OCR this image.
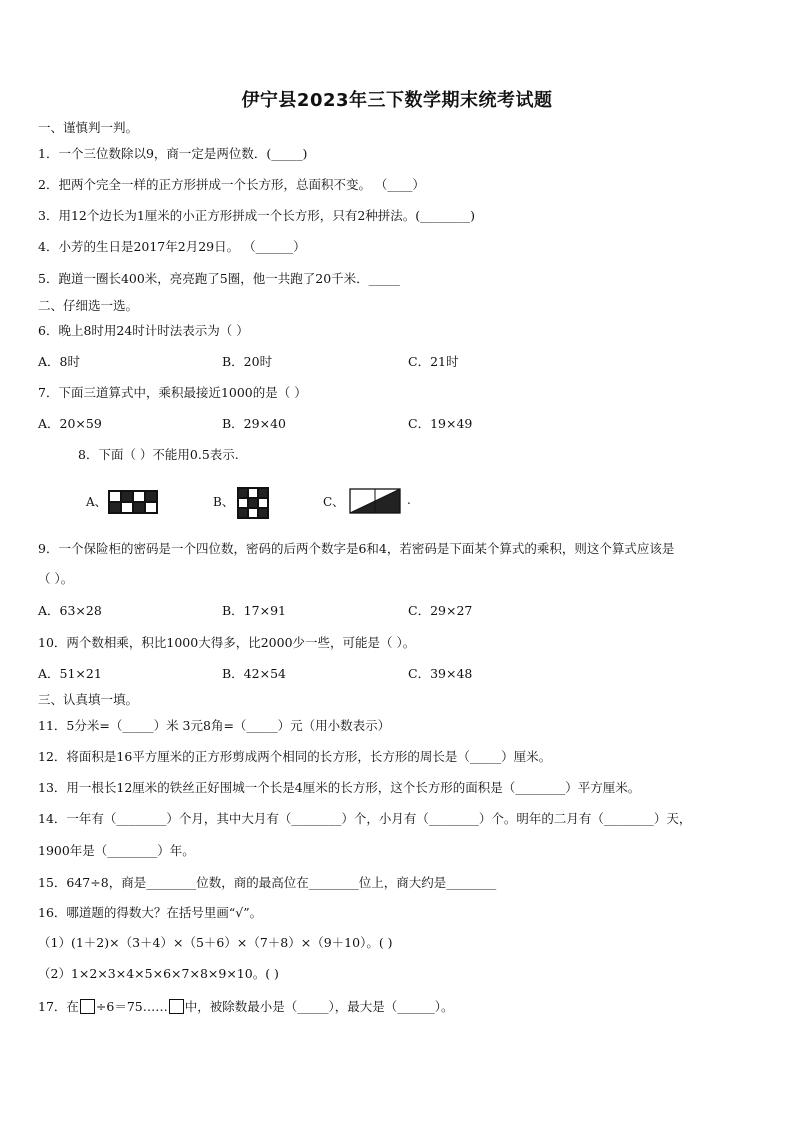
伊宁县2023年三下数学期末统考试题
一、谨慎判一判。
1．一个三位数除以9，商一定是两位数．(_____)
2．把两个完全一样的正方形拼成一个长方形，总面积不变。 （____）
3．用12个边长为1厘米的小正方形拼成一个长方形，只有2种拼法。(________)
4．小芳的生日是2017年2月29日。 （______）
5．跑道一圈长400米，亮亮跑了5圈，他一共跑了20千米．_____
二、仔细选一选。
6．晚上8时用24时计时法表示为（ ）
A．8时	B．20时	C．21时
7．下面三道算式中，乘积最接近1000的是（ ）
A．20×59	B．29×40	C．19×49
8．下面（ ）不能用0.5表示.
A、	B、	C、	.
9．一个保险柜的密码是一个四位数，密码的后两个数字是6和4，若密码是下面某个算式的乘积，则这个算式应该是
（ ）。
A．63×28	B．17×91	C．29×27
10．两个数相乘，积比1000大得多，比2000少一些，可能是（ ）。
A．51×21	B．42×54	C．39×48
三、认真填一填。
11．5分米=（_____）米 3元8角=（_____）元（用小数表示）
12．将面积是16平方厘米的正方形剪成两个相同的长方形，长方形的周长是（_____）厘米。
13．用一根长12厘米的铁丝正好围城一个长是4厘米的长方形，这个长方形的面积是（________）平方厘米。
14．一年有（________）个月，其中大月有（________）个，小月有（________）个。明年的二月有（________）天，
1900年是（________）年。
15．647÷8，商是________位数，商的最高位在________位上，商大约是________
16．哪道题的得数大？在括号里画“√”。
（1）(1＋2)×（3＋4）×（5＋6）×（7＋8）×（9＋10）。( )
（2）1×2×3×4×5×6×7×8×9×10。( )
17．在 ÷6＝75…… 中，被除数最小是（_____），最大是（______）。
